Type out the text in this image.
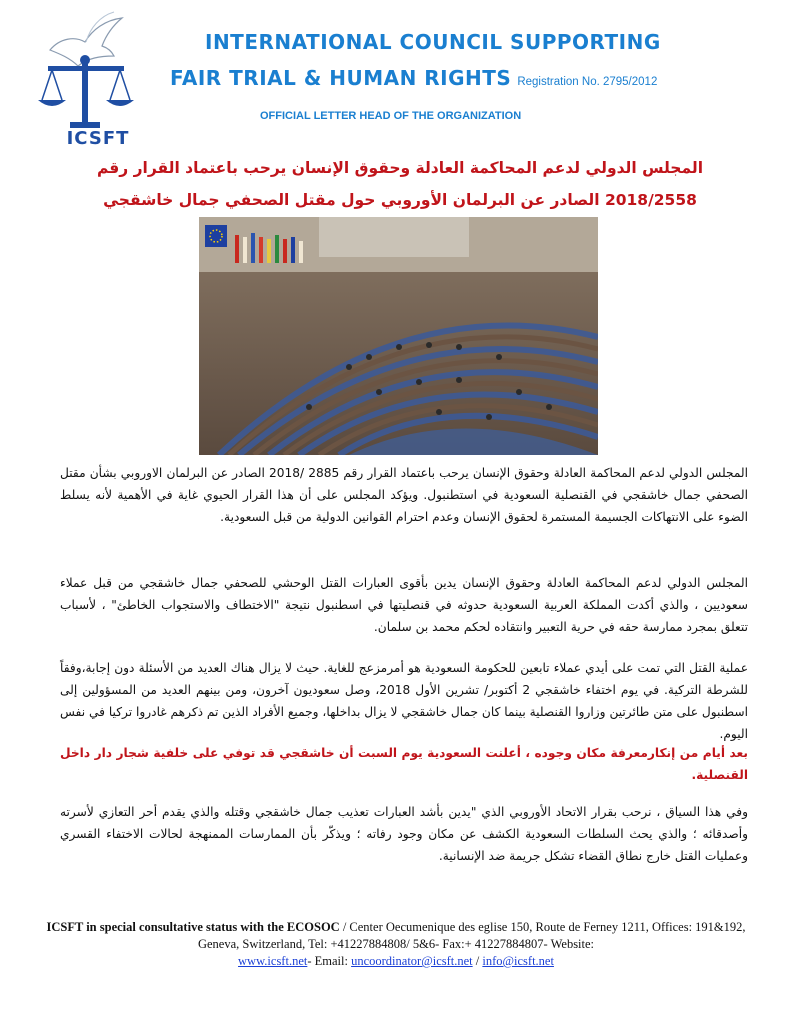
ICSFT
INTERNATIONAL COUNCIL SUPPORTING
FAIR TRIAL & HUMAN RIGHTS Registration No. 2795/2012
OFFICIAL LETTER HEAD OF THE ORGANIZATION
المجلس الدولي لدعم المحاكمة العادلة وحقوق الإنسان يرحب باعتماد القرار رقم 2018/2558 الصادر عن البرلمان الأوروبي حول مقتل الصحفي جمال خاشقجي
المجلس الدولي لدعم المحاكمة العادلة وحقوق الإنسان يرحب باعتماد القرار رقم 2885 /2018 الصادر عن البرلمان الاوروبي بشأن مقتل الصحفي جمال خاشقجي في القنصلية السعودية في استطنبول. ويؤكد المجلس على أن هذا القرار الحيوي غاية في الأهمية لأنه يسلط الضوء على الانتهاكات الجسيمة المستمرة لحقوق الإنسان وعدم احترام القوانين الدولية من قبل السعودية.
المجلس الدولي لدعم المحاكمة العادلة وحقوق الإنسان يدين بأقوى العبارات القتل الوحشي للصحفي جمال خاشقجي من قبل عملاء سعوديين ، والذي أكدت المملكة العربية السعودية حدوثه في قنصليتها في اسطنبول نتيجة "الاختطاف والاستجواب الخاطئ" ، لأسباب تتعلق بمجرد ممارسة حقه في حرية التعبير وانتقاده لحكم محمد بن سلمان.
عملية القتل التي تمت على أيدي عملاء تابعين للحكومة السعودية هو أمرمزعج للغاية. حيث لا يزال هناك العديد من الأسئلة دون إجابة،وفقاً للشرطة التركية. في يوم اختفاء خاشقجي 2 أكتوبر/ تشرين الأول 2018، وصل سعوديون آخرون، ومن بينهم العديد من المسؤولين إلى اسطنبول على متن طائرتين وزاروا القنصلية بينما كان جمال خاشقجي لا يزال بداخلها، وجميع الأفراد الذين تم ذكرهم غادروا تركيا في نفس اليوم.
بعد أيام من إنكارمعرفة مكان وجوده ، أعلنت السعودية يوم السبت أن خاشقجي قد توفي على خلفية شجار دار داخل القنصلية.
وفي هذا السياق ، نرحب بقرار الاتحاد الأوروبي الذي "يدين بأشد العبارات تعذيب جمال خاشقجي وقتله والذي يقدم أحر التعازي لأسرته وأصدقائه ؛ والذي يحث السلطات السعودية الكشف عن مكان وجود رفاته ؛ ويذكّر بأن الممارسات الممنهجة لحالات الاختفاء القسري وعمليات القتل خارج نطاق القضاء تشكل جريمة ضد الإنسانية.
ICSFT in special consultative status with the ECOSOC / Center Oecumenique des eglise 150, Route de Ferney 1211, Offices: 191&192, Geneva, Switzerland, Tel: +41227884808/ 5&6- Fax:+ 41227884807- Website:
www.icsft.net- Email: uncoordinator@icsft.net / info@icsft.net
